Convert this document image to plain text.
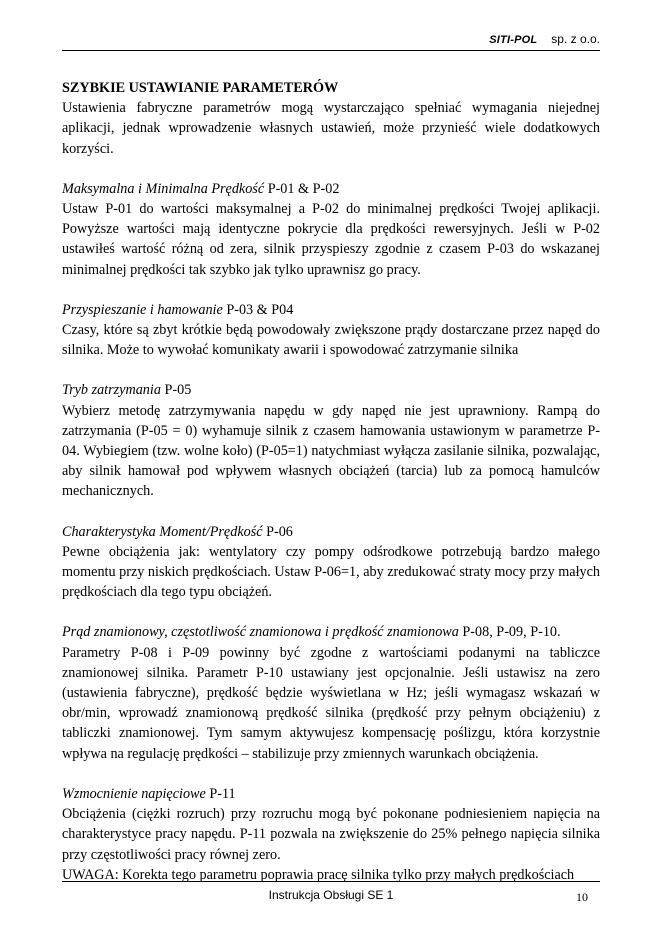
SITI-POL sp. z o.o.
SZYBKIE USTAWIANIE PARAMETERÓW

Ustawienia fabryczne parametrów mogą wystarczająco spełniać wymagania niejednej aplikacji, jednak wprowadzenie własnych ustawień, może przynieść wiele dodatkowych korzyści.

Maksymalna i Minimalna Prędkość P-01 & P-02

Ustaw P-01 do wartości maksymalnej a P-02 do minimalnej prędkości Twojej aplikacji. Powyższe wartości mają identyczne pokrycie dla prędkości rewersyjnych. Jeśli w P-02 ustawiłeś wartość różną od zera, silnik przyspieszy zgodnie z czasem P-03 do wskazanej minimalnej prędkości tak szybko jak tylko uprawnisz go pracy.

Przyspieszanie i hamowanie P-03 & P04

Czasy, które są zbyt krótkie będą powodowały zwiększone prądy dostarczane przez napęd do silnika. Może to wywołać komunikaty awarii i spowodować zatrzymanie silnika

Tryb zatrzymania P-05

Wybierz metodę zatrzymywania napędu w gdy napęd nie jest uprawniony. Rampą do zatrzymania (P-05 = 0) wyhamuje silnik z czasem hamowania ustawionym w parametrze P-04. Wybiegiem (tzw. wolne koło) (P-05=1) natychmiast wyłącza zasilanie silnika, pozwalając, aby silnik hamował pod wpływem własnych obciążeń (tarcia) lub za pomocą hamulców mechanicznych.

Charakterystyka Moment/Prędkość P-06

Pewne obciążenia jak: wentylatory czy pompy odśrodkowe potrzebują bardzo małego momentu przy niskich prędkościach. Ustaw P-06=1, aby zredukować straty mocy przy małych prędkościach dla tego typu obciążeń.

Prąd znamionowy, częstotliwość znamionowa i prędkość znamionowa P-08, P-09, P-10.

Parametry P-08 i P-09 powinny być zgodne z wartościami podanymi na tabliczce znamionowej silnika. Parametr P-10 ustawiany jest opcjonalnie. Jeśli ustawisz na zero (ustawienia fabryczne), prędkość będzie wyświetlana w Hz; jeśli wymagasz wskazań w obr/min, wprowadź znamionową prędkość silnika (prędkość przy pełnym obciążeniu) z tabliczki znamionowej. Tym samym aktywujesz kompensację poślizgu, która korzystnie wpływa na regulację prędkości – stabilizuje przy zmiennych warunkach obciążenia.

Wzmocnienie napięciowe P-11

Obciążenia (ciężki rozruch) przy rozruchu mogą być pokonane podniesieniem napięcia na charakterystyce pracy napędu. P-11 pozwala na zwiększenie do 25% pełnego napięcia silnika przy częstotliwości pracy równej zero.

UWAGA: Korekta tego parametru poprawia pracę silnika tylko przy małych prędkościach

Instrukcja Obsługi SE 1	10
